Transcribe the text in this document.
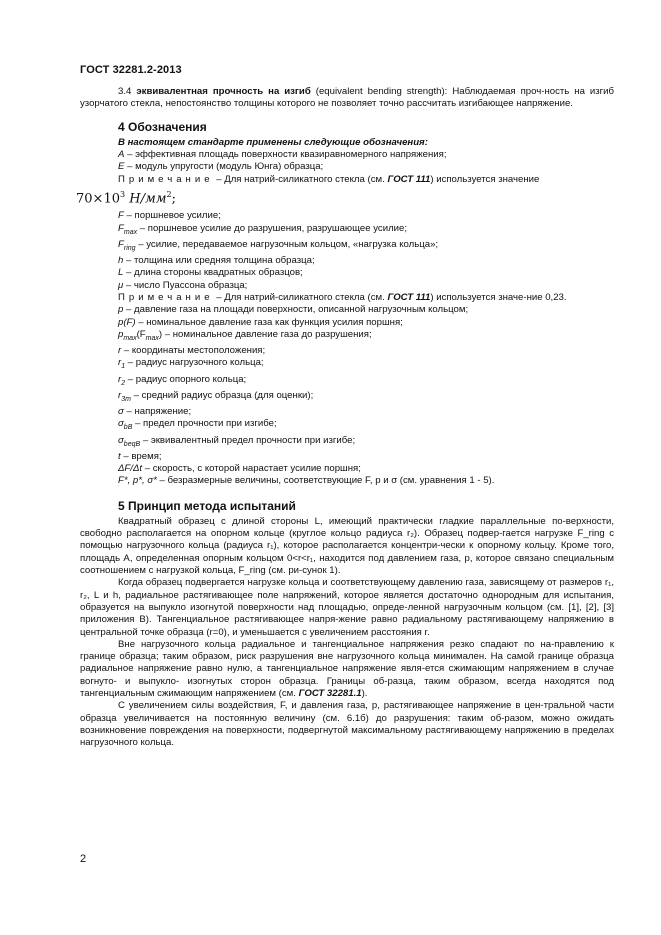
ГОСТ 32281.2-2013

3.4 эквивалентная прочность на изгиб (equivalent bending strength): Наблюдаемая проч-ность на изгиб узорчатого стекла, непостоянство толщины которого не позволяет точно рассчитать изгибающее напряжение.

4 Обозначения

В настоящем стандарте применены следующие обозначения:

A – эффективная площадь поверхности квазиравномерного напряжения;

E – модуль упругости (модуль Юнга) образца;

Примечание – Для натрий-силикатного стекла (см. ГОСТ 111) используется значение

$70\times 10^3$ $Н/мм^2$;

F – поршневое усилие;

$F_{max}$ – поршневое усилие до разрушения, разрушающее усилие;

$F_{ring}$ – усилие, передаваемое нагрузочным кольцом, «нагрузка кольца»;

h – толщина или средняя толщина образца;

L – длина стороны квадратных образцов;

μ – число Пуассона образца;

Примечание – Для натрий-силикатного стекла (см. ГОСТ 111) используется значе-ние 0,23.

p – давление газа на площади поверхности, описанной нагрузочным кольцом;

p(F) – номинальное давление газа как функция усилия поршня;

$p_{max}(F_{max})$ – номинальное давление газа до разрушения;

r – координаты местоположения;

$r_1$ – радиус нагрузочного кольца;

$r_2$ – радиус опорного кольца;

$r_{3m}$ – средний радиус образца (для оценки);

σ – напряжение;

$\sigma_{bB}$ – предел прочности при изгибе;

$\sigma_{beqB}$ – эквивалентный предел прочности при изгибе;

t – время;

ΔF/Δt – скорость, с которой нарастает усилие поршня;

F*, p*, σ* – безразмерные величины, соответствующие F, p и σ (см. уравнения 1 - 5).

5 Принцип метода испытаний

Квадратный образец с длиной стороны L, имеющий практически гладкие параллельные по-верхности, свободно располагается на опорном кольце (круглое кольцо радиуса r₂). Образец подвер-гается нагрузке F_ring с помощью нагрузочного кольца (радиуса r₁), которое располагается концентри-чески к опорному кольцу. Кроме того, площадь A, определенная опорным кольцом 0<r<r₁, находится под давлением газа, p, которое связано специальным соотношением с нагрузкой кольца, F_ring (см. ри-сунок 1).

Когда образец подвергается нагрузке кольца и соответствующему давлению газа, зависящему от размеров r₁, r₂, L и h, радиальное растягивающее поле напряжений, которое является достаточно однородным для испытания, образуется на выпукло изогнутой поверхности над площадью, опреде-ленной нагрузочным кольцом (см. [1], [2], [3] приложения В). Тангенциальное растягивающее напря-жение равно радиальному растягивающему напряжению в центральной точке образца (r=0), и уменьшается с увеличением расстояния r.

Вне нагрузочного кольца радиальное и тангенциальное напряжения резко спадают по на-правлению к границе образца; таким образом, риск разрушения вне нагрузочного кольца минимален. На самой границе образца радиальное напряжение равно нулю, а тангенциальное напряжение явля-ется сжимающим напряжением в случае вогнуто- и выпукло- изогнутых сторон образца. Границы об-разца, таким образом, всегда находятся под тангенциальным сжимающим напряжением (см. ГОСТ 32281.1).

С увеличением силы воздействия, F, и давления газа, p, растягивающее напряжение в цен-тральной части образца увеличивается на постоянную величину (см. 6.1б) до разрушения: таким об-разом, можно ожидать возникновение повреждения на поверхности, подвергнутой максимальному растягивающему напряжению в пределах нагрузочного кольца.

2
